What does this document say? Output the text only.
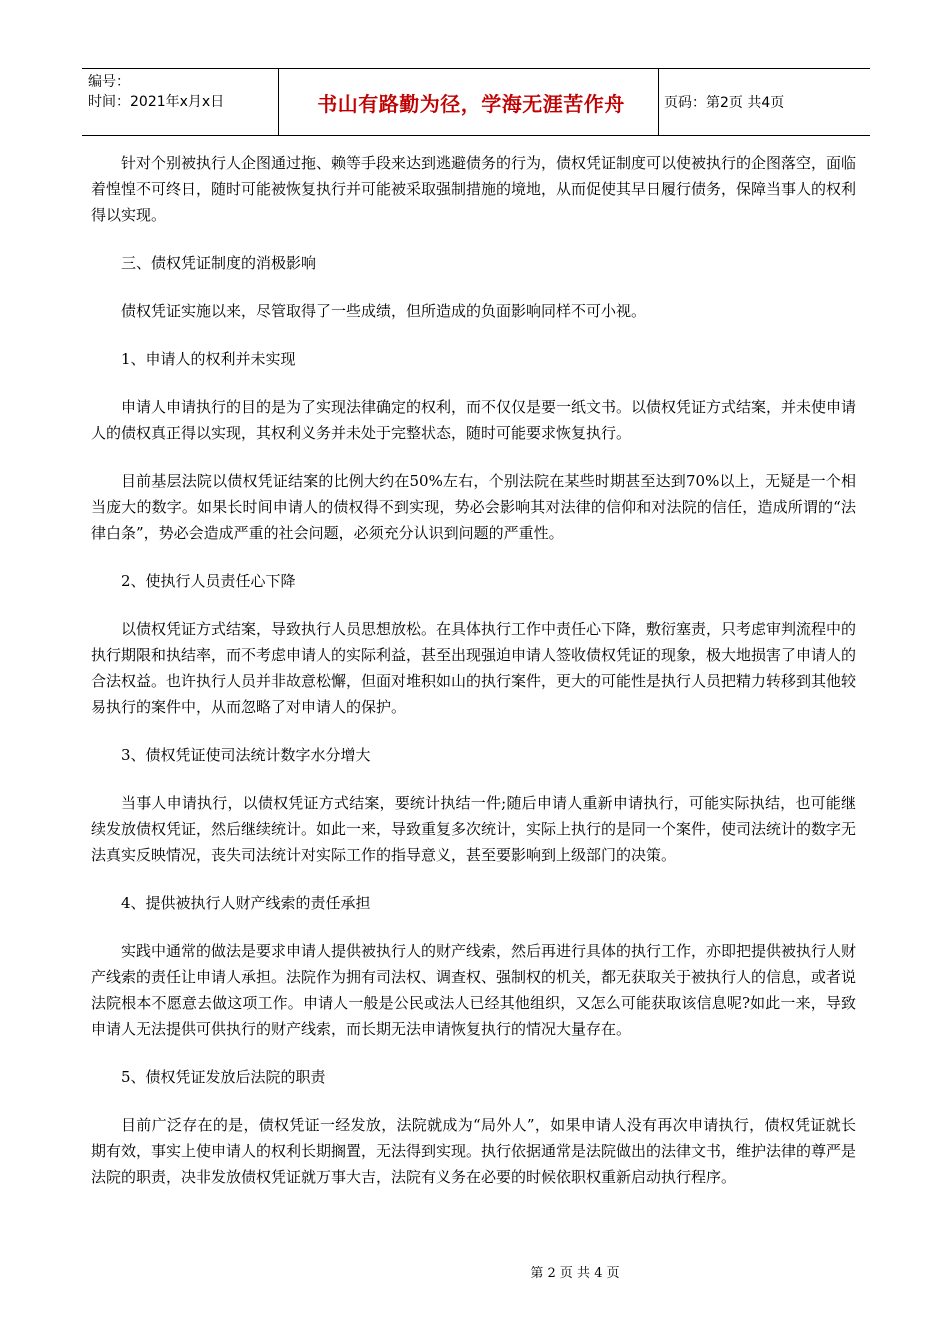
编号：
时间：2021年x月x日	书山有路勤为径，学海无涯苦作舟	页码：第2页 共4页

针对个别被执行人企图通过拖、赖等手段来达到逃避债务的行为，债权凭证制度可以使被执行的企图落空，面临着惶惶不可终日，随时可能被恢复执行并可能被采取强制措施的境地，从而促使其早日履行债务，保障当事人的权利得以实现。

三、债权凭证制度的消极影响

债权凭证实施以来，尽管取得了一些成绩，但所造成的负面影响同样不可小视。

1、申请人的权利并未实现

申请人申请执行的目的是为了实现法律确定的权利，而不仅仅是要一纸文书。以债权凭证方式结案，并未使申请人的债权真正得以实现，其权利义务并未处于完整状态，随时可能要求恢复执行。

目前基层法院以债权凭证结案的比例大约在50%左右，个别法院在某些时期甚至达到70%以上，无疑是一个相当庞大的数字。如果长时间申请人的债权得不到实现，势必会影响其对法律的信仰和对法院的信任，造成所谓的“法律白条”，势必会造成严重的社会问题，必须充分认识到问题的严重性。

2、使执行人员责任心下降

以债权凭证方式结案，导致执行人员思想放松。在具体执行工作中责任心下降，敷衍塞责，只考虑审判流程中的执行期限和执结率，而不考虑申请人的实际利益，甚至出现强迫申请人签收债权凭证的现象，极大地损害了申请人的合法权益。也许执行人员并非故意松懈，但面对堆积如山的执行案件，更大的可能性是执行人员把精力转移到其他较易执行的案件中，从而忽略了对申请人的保护。

3、债权凭证使司法统计数字水分增大

当事人申请执行，以债权凭证方式结案，要统计执结一件;随后申请人重新申请执行，可能实际执结，也可能继续发放债权凭证，然后继续统计。如此一来，导致重复多次统计，实际上执行的是同一个案件，使司法统计的数字无法真实反映情况，丧失司法统计对实际工作的指导意义，甚至要影响到上级部门的决策。

4、提供被执行人财产线索的责任承担

实践中通常的做法是要求申请人提供被执行人的财产线索，然后再进行具体的执行工作，亦即把提供被执行人财产线索的责任让申请人承担。法院作为拥有司法权、调查权、强制权的机关，都无获取关于被执行人的信息，或者说法院根本不愿意去做这项工作。申请人一般是公民或法人已经其他组织，又怎么可能获取该信息呢?如此一来，导致申请人无法提供可供执行的财产线索，而长期无法申请恢复执行的情况大量存在。

5、债权凭证发放后法院的职责

目前广泛存在的是，债权凭证一经发放，法院就成为“局外人”，如果申请人没有再次申请执行，债权凭证就长期有效，事实上使申请人的权利长期搁置，无法得到实现。执行依据通常是法院做出的法律文书，维护法律的尊严是法院的职责，决非发放债权凭证就万事大吉，法院有义务在必要的时候依职权重新启动执行程序。

第 2 页 共 4 页
